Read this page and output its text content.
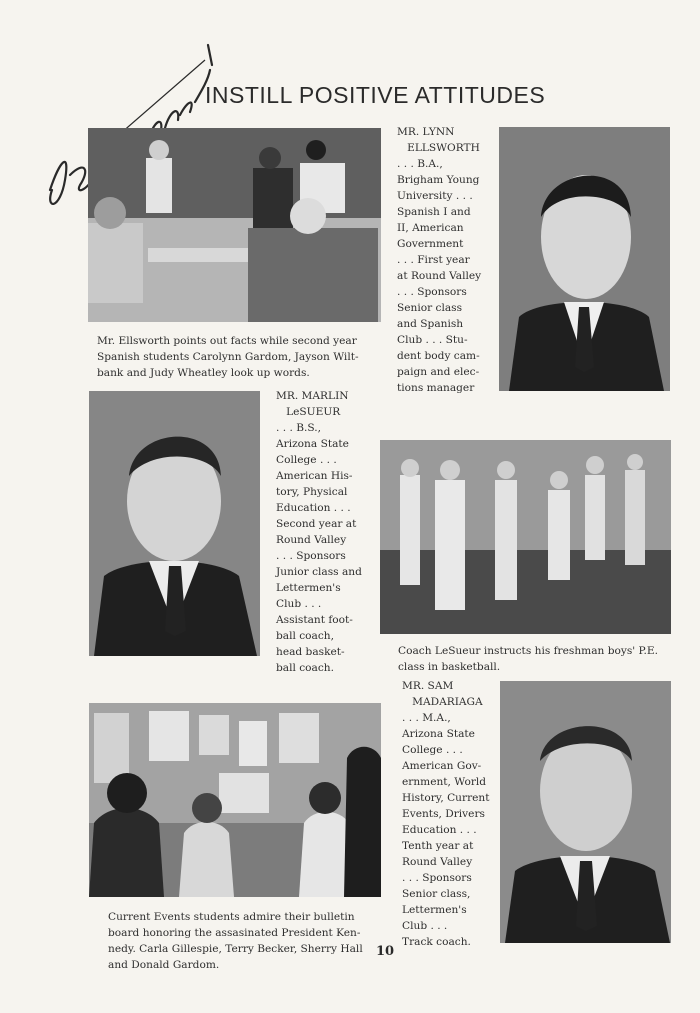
INSTILL POSITIVE ATTITUDES
MR. LYNN
ELLSWORTH
. . . B.A.,
Brigham Young
University . . .
Spanish I and
II, American
Government
. . . First year
at Round Valley
. . . Sponsors
Senior class
and Spanish
Club . . . Stu-
dent body cam-
paign and elec-
tions manager
Mr. Ellsworth points out facts while second year Spanish students Carolynn Gardom, Jayson Wilt- bank and Judy Wheatley look up words.
MR. MARLIN
LeSUEUR
. . . B.S.,
Arizona State
College . . .
American His-
tory, Physical
Education . . .
Second year at
Round Valley
. . . Sponsors
Junior class and
Lettermen's
Club . . .
Assistant foot-
ball coach,
head basket-
ball coach.
Coach LeSueur instructs his freshman boys' P.E. class in basketball.
MR. SAM
MADARIAGA
. . . M.A.,
Arizona State
College . . .
American Gov-
ernment, World
History, Current
Events, Drivers
Education . . .
Tenth year at
Round Valley
. . . Sponsors
Senior class,
Lettermen's
Club . . .
Track coach.
Current Events students admire their bulletin board honoring the assasinated President Ken- nedy. Carla Gillespie, Terry Becker, Sherry Hall and Donald Gardom.
10
